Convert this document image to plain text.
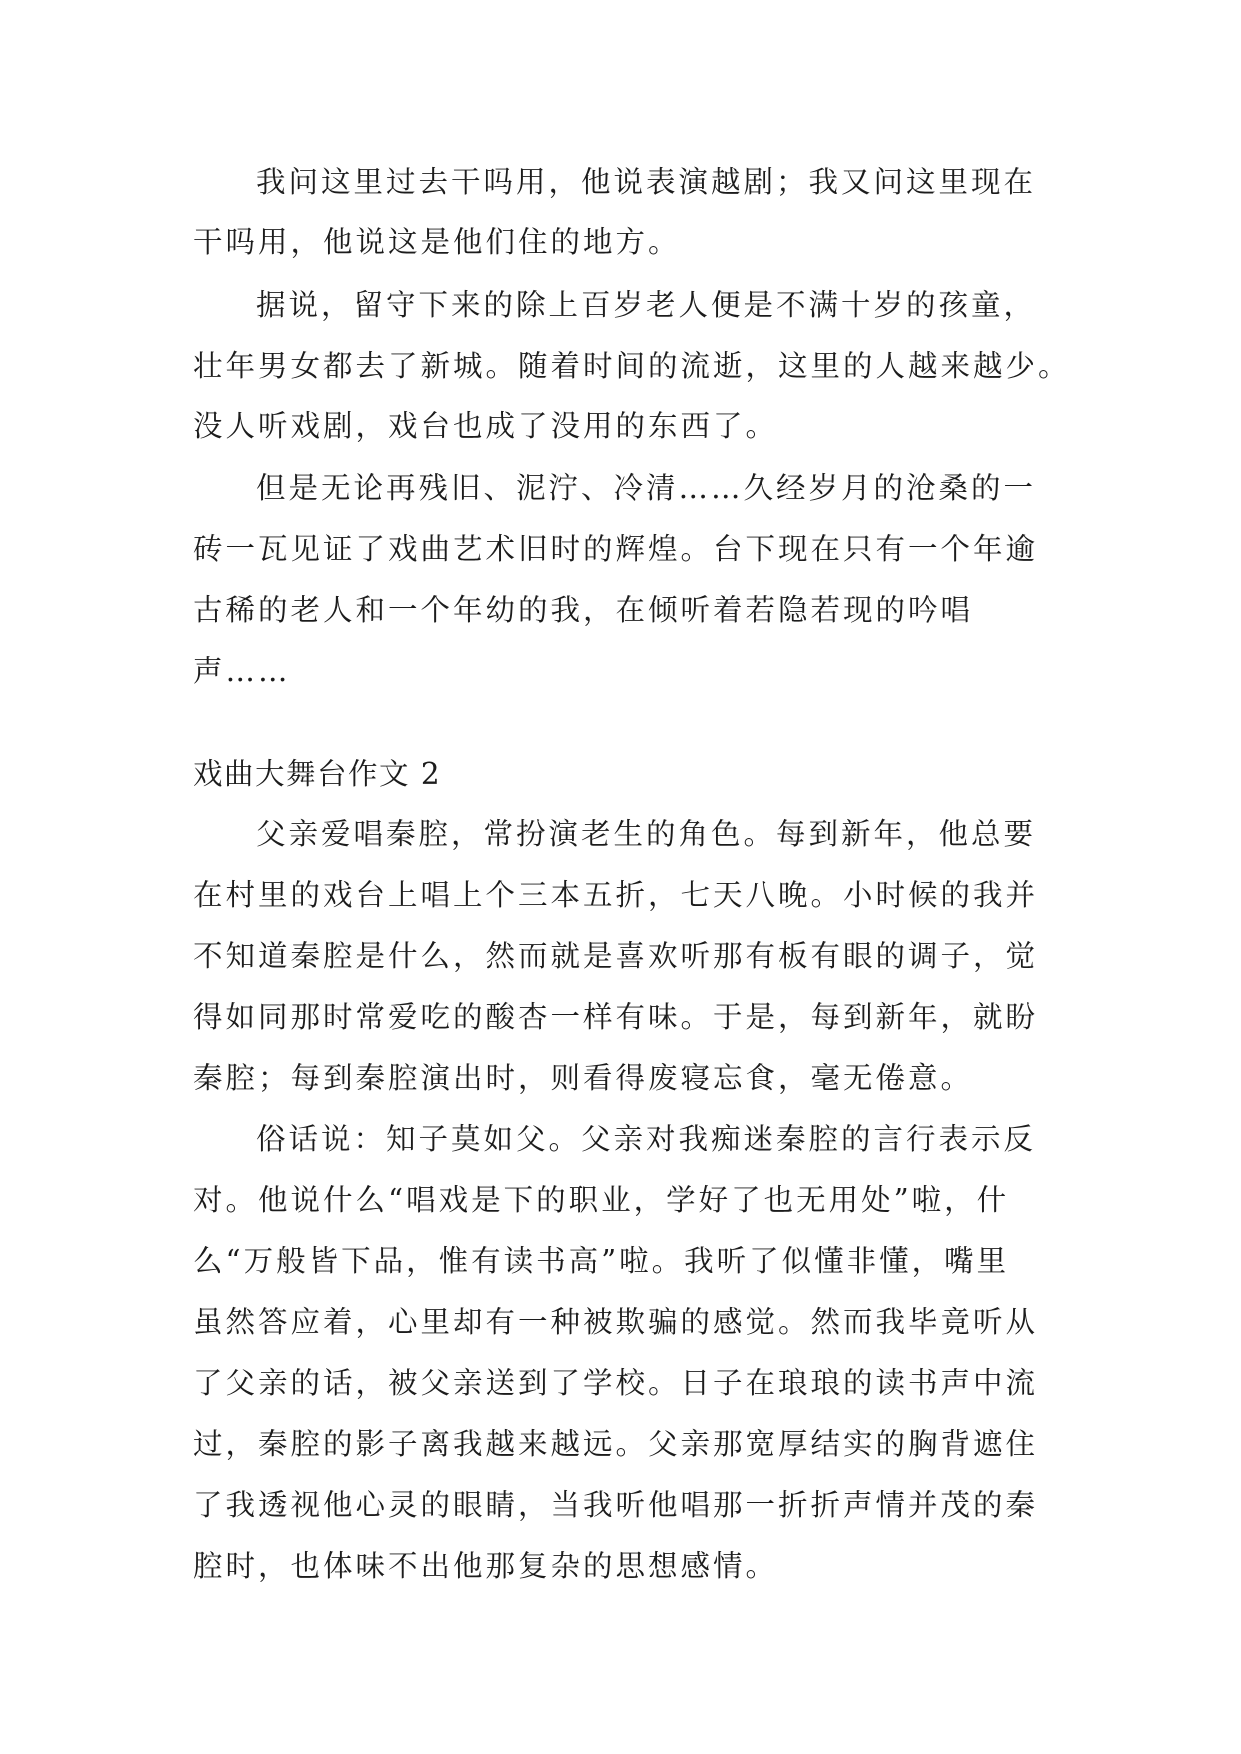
我问这里过去干吗用，他说表演越剧；我又问这里现在

干吗用，他说这是他们住的地方。

据说，留守下来的除上百岁老人便是不满十岁的孩童，

壮年男女都去了新城。随着时间的流逝，这里的人越来越少。

没人听戏剧，戏台也成了没用的东西了。

但是无论再残旧、泥泞、冷清……久经岁月的沧桑的一

砖一瓦见证了戏曲艺术旧时的辉煌。台下现在只有一个年逾

古稀的老人和一个年幼的我，在倾听着若隐若现的吟唱

声……

戏曲大舞台作文 2

父亲爱唱秦腔，常扮演老生的角色。每到新年，他总要

在村里的戏台上唱上个三本五折，七天八晚。小时候的我并

不知道秦腔是什么，然而就是喜欢听那有板有眼的调子，觉

得如同那时常爱吃的酸杏一样有味。于是，每到新年，就盼

秦腔；每到秦腔演出时，则看得废寝忘食，毫无倦意。

俗话说：知子莫如父。父亲对我痴迷秦腔的言行表示反

对。他说什么“唱戏是下的职业，学好了也无用处”啦，什

么“万般皆下品，惟有读书高”啦。我听了似懂非懂，嘴里

虽然答应着，心里却有一种被欺骗的感觉。然而我毕竟听从

了父亲的话，被父亲送到了学校。日子在琅琅的读书声中流

过，秦腔的影子离我越来越远。父亲那宽厚结实的胸背遮住

了我透视他心灵的眼睛，当我听他唱那一折折声情并茂的秦

腔时，也体味不出他那复杂的思想感情。
